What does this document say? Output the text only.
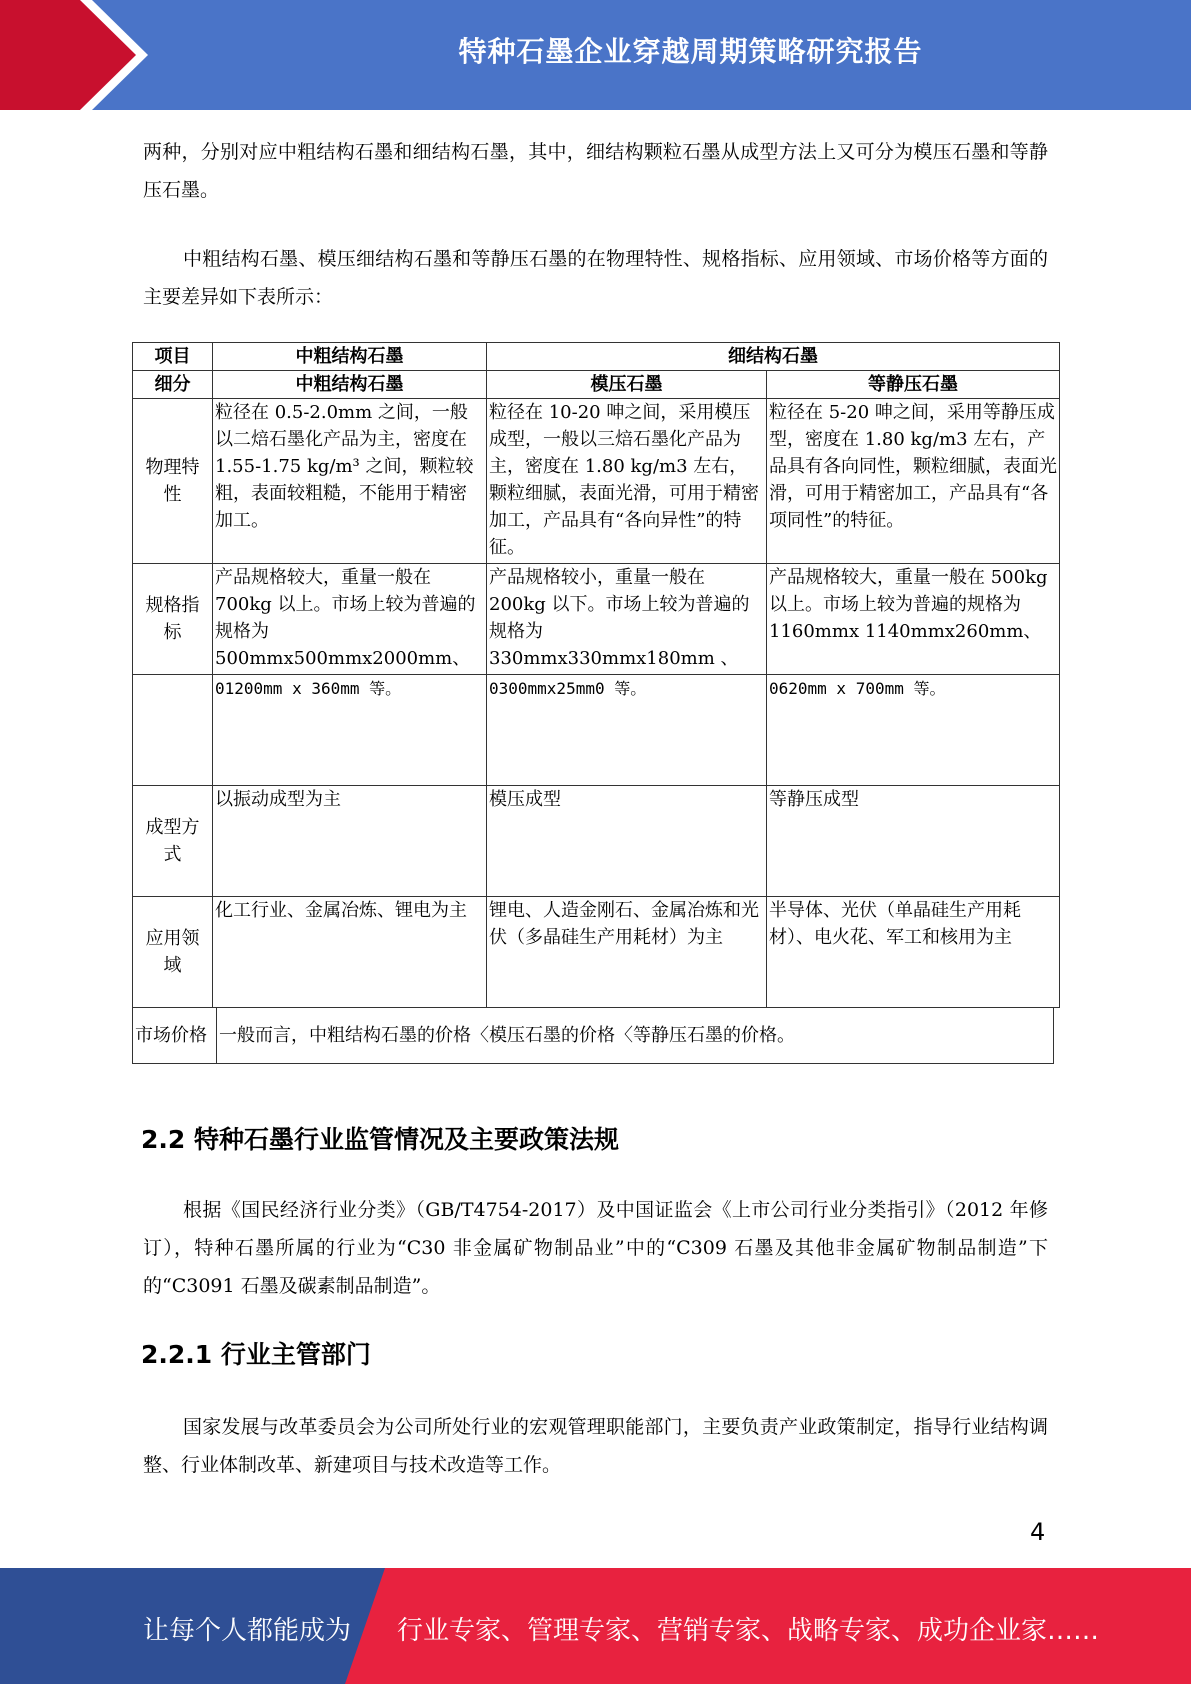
特种石墨企业穿越周期策略研究报告
两种，分别对应中粗结构石墨和细结构石墨，其中，细结构颗粒石墨从成型方法上又可分为模压石墨和等静压石墨。
中粗结构石墨、模压细结构石墨和等静压石墨的在物理特性、规格指标、应用领域、市场价格等方面的主要差异如下表所示：
项目	中粗结构石墨	细结构石墨	
细分	中粗结构石墨	模压石墨	等静压石墨
物理特性	粒径在 0.5-2.0mm 之间，一般以二焙石墨化产品为主，密度在 1.55-1.75 kg/m³ 之间，颗粒较粗，表面较粗糙，不能用于精密加工。	粒径在 10-20 呻之间，采用模压成型，一般以三焙石墨化产品为主，密度在 1.80 kg/m3 左右，颗粒细腻，表面光滑，可用于精密加工，产品具有“各向异性”的特征。	粒径在 5-20 呻之间，采用等静压成型，密度在 1.80 kg/m3 左右，产品具有各向同性，颗粒细腻，表面光滑，可用于精密加工，产品具有“各项同性”的特征。
规格指标	产品规格较大，重量一般在 700kg 以上。市场上较为普遍的规格为 500mmx500mmx2000mm、	产品规格较小，重量一般在 200kg 以下。市场上较为普遍的规格为 330mmx330mmx180mm 、	产品规格较大，重量一般在 500kg 以上。市场上较为普遍的规格为 1160mmx 1140mmx260mm、
	01200mm x 360mm 等。	0300mmx25mm0 等。	0620mm x 700mm 等。
成型方式	以振动成型为主	模压成型	等静压成型
应用领域	化工行业、金属冶炼、锂电为主	锂电、人造金刚石、金属冶炼和光伏（多晶硅生产用耗材）为主	半导体、光伏（单晶硅生产用耗材）、电火花、军工和核用为主
市场价格	一般而言，中粗结构石墨的价格〈模压石墨的价格〈等静压石墨的价格。
2.2 特种石墨行业监管情况及主要政策法规
根据《国民经济行业分类》（GB/T4754-2017）及中国证监会《上市公司行业分类指引》（2012 年修订），特种石墨所属的行业为“C30 非金属矿物制品业”中的“C309 石墨及其他非金属矿物制品制造”下的“C3091 石墨及碳素制品制造”。
2.2.1 行业主管部门
国家发展与改革委员会为公司所处行业的宏观管理职能部门，主要负责产业政策制定，指导行业结构调整、行业体制改革、新建项目与技术改造等工作。
4
让每个人都能成为 行业专家、管理专家、营销专家、战略专家、成功企业家……
